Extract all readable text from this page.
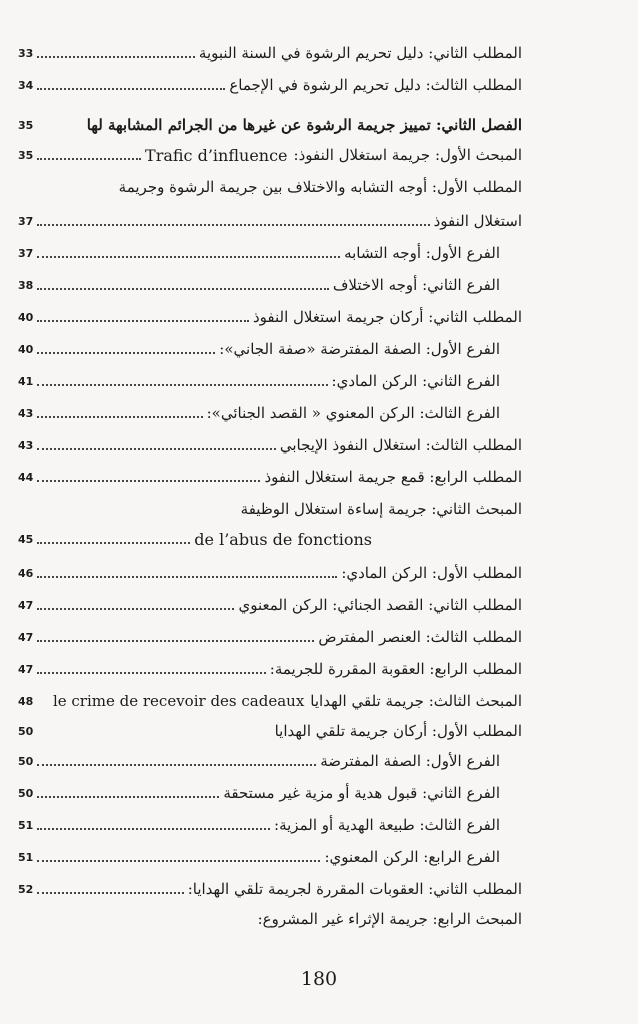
المطلب الثاني: دليل تحريم الرشوة في السنة النبوية
33
المطلب الثالث: دليل تحريم الرشوة في الإجماع
34
الفصل الثاني: تمييز جريمة الرشوة عن غيرها من الجرائم المشابهة لها
35
المبحث الأول: جريمة استغلال النفوذ:
Trafic d’influence
35
المطلب الأول: أوجه التشابه والاختلاف بين جريمة الرشوة وجريمة
استغلال النفوذ
37
الفرع الأول: أوجه التشابه
37
الفرع الثاني: أوجه الاختلاف
38
المطلب الثاني: أركان جريمة استغلال النفوذ
40
الفرع الأول: الصفة المفترضة «صفة الجاني»:
40
الفرع الثاني: الركن المادي:
41
الفرع الثالث: الركن المعنوي « القصد الجنائي»:
43
المطلب الثالث: استغلال النفوذ الإيجابي
43
المطلب الرابع: قمع جريمة استغلال النفوذ
44
المبحث الثاني: جريمة إساءة استغلال الوظيفة
de l’abus de fonctions
45
المطلب الأول: الركن المادي:
46
المطلب الثاني: القصد الجنائي: الركن المعنوي
47
المطلب الثالث: العنصر المفترض
47
المطلب الرابع: العقوبة المقررة للجريمة:
47
المبحث الثالث: جريمة تلقي الهدايا
le crime de recevoir des cadeaux
48
المطلب الأول: أركان جريمة تلقي الهدايا
50
الفرع الأول: الصفة المفترضة
50
الفرع الثاني: قبول هدية أو مزية غير مستحقة
50
الفرع الثالث: طبيعة الهدية أو المزية:
51
الفرع الرابع: الركن المعنوي:
51
المطلب الثاني: العقوبات المقررة لجريمة تلقي الهدايا:
52
المبحث الرابع: جريمة الإثراء غير المشروع:
180
